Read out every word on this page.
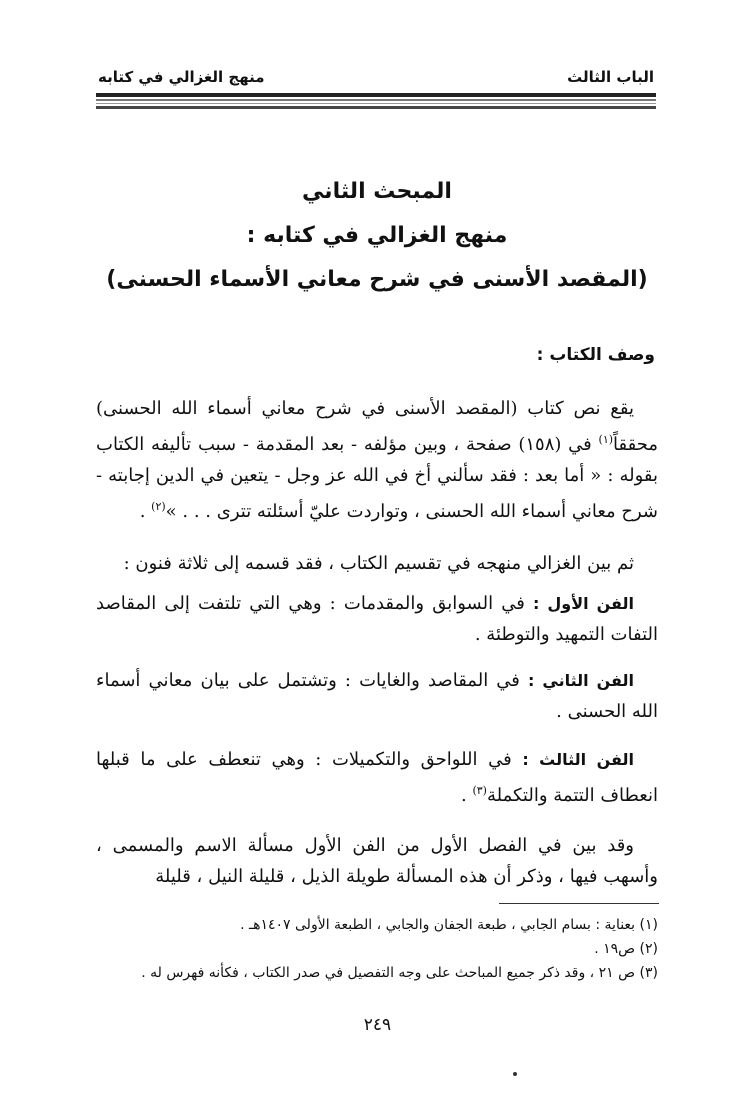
الباب الثالث
منهج الغزالي في كتابه
المبحث الثاني
منهج الغزالي في كتابه :
(المقصد الأسنى في شرح معاني الأسماء الحسنى)
وصف الكتاب :
يقع نص كتاب (المقصد الأسنى في شرح معاني أسماء الله الحسنى) محققاً$^{(١)}$ في (١٥٨) صفحة ، وبين مؤلفه - بعد المقدمة - سبب تأليفه الكتاب بقوله : « أما بعد : فقد سألني أخ في الله عز وجل - يتعين في الدين إجابته - شرح معاني أسماء الله الحسنى ، وتواردت عليّ أسئلته تترى . . . »$^{(٢)}$ .
ثم بين الغزالي منهجه في تقسيم الكتاب ، فقد قسمه إلى ثلاثة فنون :
الفن الأول : في السوابق والمقدمات : وهي التي تلتفت إلى المقاصد التفات التمهيد والتوطئة .
الفن الثاني : في المقاصد والغايات : وتشتمل على بيان معاني أسماء الله الحسنى .
الفن الثالث : في اللواحق والتكميلات : وهي تنعطف على ما قبلها انعطاف التتمة والتكملة$^{(٣)}$ .
وقد بين في الفصل الأول من الفن الأول مسألة الاسم والمسمى ، وأسهب فيها ، وذكر أن هذه المسألة طويلة الذيل ، قليلة النيل ، قليلة
(١) بعناية : بسام الجابي ، طبعة الجفان والجابي ، الطبعة الأولى ١٤٠٧هـ .
(٢) ص١٩ .
(٣) ص ٢١ ، وقد ذكر جميع المباحث على وجه التفصيل في صدر الكتاب ، فكأنه فهرس له .
٢٤٩
